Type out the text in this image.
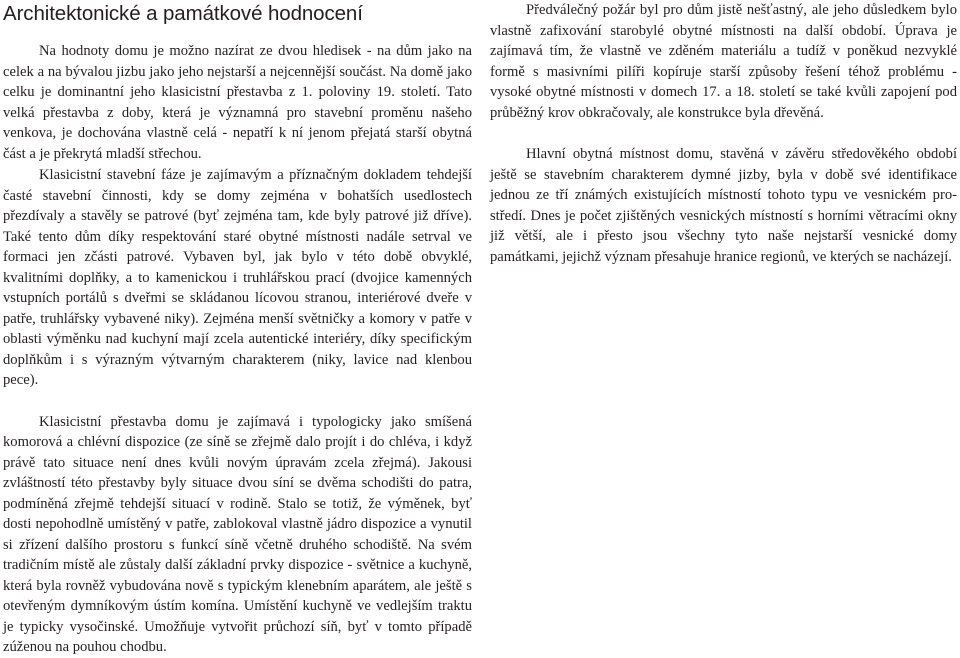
Architektonické a památkové hodnocení

Na hodnoty domu je možno nazírat ze dvou hledisek - na dům jako na celek a na bývalou jizbu jako jeho nejstarší a nejcennější součást. Na domě jako celku je dominantní jeho klasicistní přestavba z 1. poloviny 19. století. Tato velká přestavba z doby, která je významná pro stavební proměnu našeho venkova, je dochována vlastně celá - nepatří k ní jenom přejatá starší obytná část a je překrytá mladší střechou.

Klasicistní stavební fáze je zajímavým a příznačným dokladem tehdejší časté stavební činnosti, kdy se domy zejména v bohatších usedlostech přezdívaly a stavěly se patrové (byť zejména tam, kde byly patrové již dříve). Také tento dům díky respektování staré obytné místnosti nadále setrval ve formaci jen zčásti patrové. Vybaven byl, jak bylo v této době obvyklé, kvalitními doplňky, a to kamenickou i truhlářskou prací (dvojice kamenných vstupních portálů s dveřmi se skládanou lícovou stranou, interiérové dveře v patře, truhlářsky vybavené niky). Zejména menší světničky a komory v patře v oblasti výměnku nad kuchyní mají zcela autentické interiéry, díky specifickým doplňkům i s výrazným výtvarným charakterem (niky, lavice nad klenbou pece).

Klasicistní přestavba domu je zajímavá i typologicky jako smíšená komorová a chlévní dispozice (ze síně se zřejmě dalo projít i do chléva, i když právě tato situace není dnes kvůli novým úpravám zcela zřejmá). Jakousi zvláštností této přestavby byly situace dvou síní se dvěma schodišti do patra, podmíněná zřejmě tehdejší situací v rodině. Stalo se totiž, že výměnek, byť dosti nepohodlně umístěný v patře, zablokoval vlastně jádro dispozice a vynutil si zřízení dalšího prostoru s funkcí síně včetně druhého schodiště. Na svém tradičním místě ale zůstaly další základní prvky dispozice - světnice a kuchyně, která byla rovněž vybudována nově s typickým klenebním aparátem, ale ještě s otevřeným dymníkovým ústím komína. Umístění kuchyně ve vedlejším traktu je typicky vysočinské. Umožňuje vytvořit průchozí síň, byť v tomto případě zúženou na pouhou chodbu.

Předválečný požár byl pro dům jistě nešťastný, ale jeho důsledkem bylo vlastně zafixování starobylé obytné místnosti na další období. Úprava je zajímavá tím, že vlastně ve zděném materiálu a tudíž v poněkud nezvyklé formě s masivními pilíři kopíruje starší způsoby řešení téhož problému - vysoké obytné místnosti v domech 17. a 18. století se také kvůli zapojení pod průběžný krov obkračovaly, ale konstrukce byla dřevěná.

Hlavní obytná místnost domu, stavěná v závěru středověkého období ještě se stavebním charakterem dymné jizby, byla v době své identifikace jednou ze tří známých existujících místností tohoto typu ve vesnickém prostředí. Dnes je počet zjištěných vesnických místností s horními větracími okny již větší, ale i přesto jsou všechny tyto naše nejstarší vesnické domy památkami, jejichž význam přesahuje hranice regionů, ve kterých se nacházejí.
